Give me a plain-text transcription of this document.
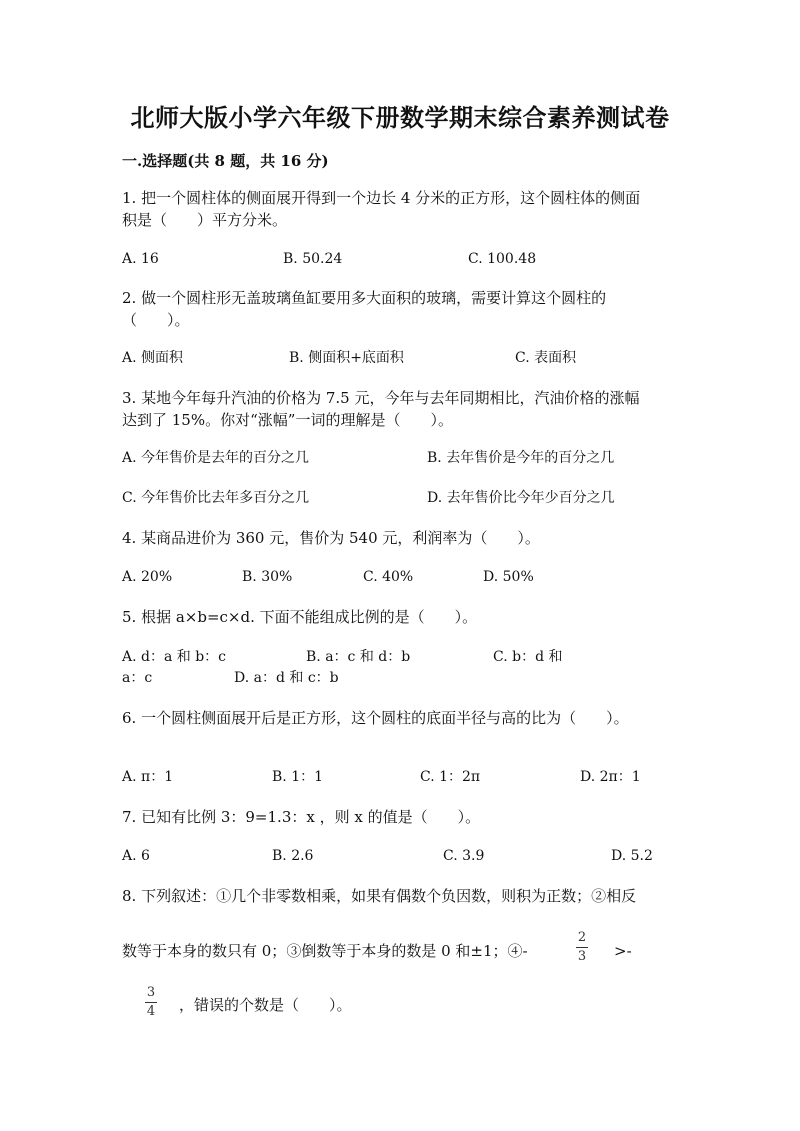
北师大版小学六年级下册数学期末综合素养测试卷
一.选择题(共 8 题，共 16 分)
1. 把一个圆柱体的侧面展开得到一个边长 4 分米的正方形，这个圆柱体的侧面
积是（　　）平方分米。
A. 16	B. 50.24	C. 100.48
2. 做一个圆柱形无盖玻璃鱼缸要用多大面积的玻璃，需要计算这个圆柱的
（　　）。
A. 侧面积	B. 侧面积+底面积	C. 表面积
3. 某地今年每升汽油的价格为 7.5 元，今年与去年同期相比，汽油价格的涨幅
达到了 15%。你对“涨幅”一词的理解是（　　）。
A. 今年售价是去年的百分之几	B. 去年售价是今年的百分之几
C. 今年售价比去年多百分之几	D. 去年售价比今年少百分之几
4. 某商品进价为 360 元，售价为 540 元，利润率为（　　）。
A. 20%	B. 30%	C. 40%	D. 50%
5. 根据 a×b=c×d. 下面不能组成比例的是（　　）。
A. d：a 和 b：c	B. a：c 和 d：b	C. b：d 和
a：c	D. a：d 和 c：b
6. 一个圆柱侧面展开后是正方形，这个圆柱的底面半径与高的比为（　　）。
A. π：1	B. 1：1	C. 1：2π	D. 2π：1
7. 已知有比例 3：9=1.3：x ，则 x 的值是（　　）。
A. 6	B. 2.6	C. 3.9	D. 5.2
8. 下列叙述：①几个非零数相乘，如果有偶数个负因数，则积为正数；②相反
数等于本身的数只有 0；③倒数等于本身的数是 0 和±1；④-
2
3 >-
3
4 ，错误的个数是（　　）。
